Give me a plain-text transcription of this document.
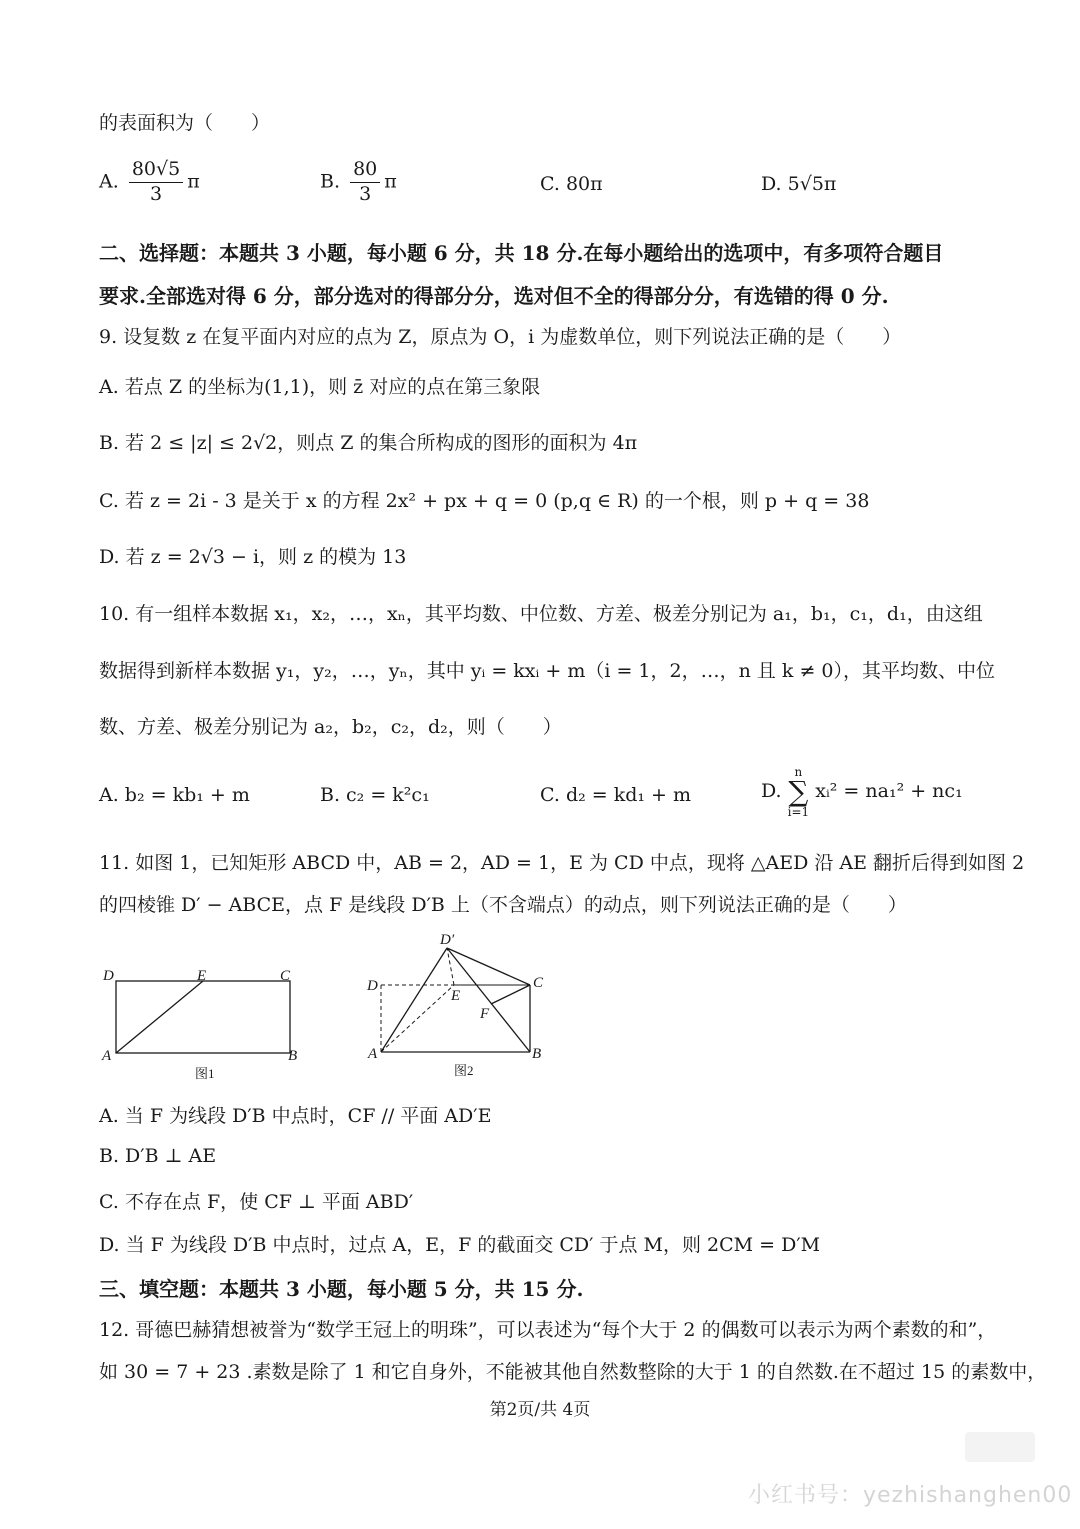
的表面积为（　　）
A. $\frac{80√5}{3}$ π	B. $\frac{80}{3}$ π	C. 80π	D. 5√5π
二、选择题：本题共 3 小题，每小题 6 分，共 18 分.在每小题给出的选项中，有多项符合题目
要求.全部选对得 6 分，部分选对的得部分分，选对但不全的得部分分，有选错的得 0 分.
9. 设复数 z 在复平面内对应的点为 Z，原点为 O，i 为虚数单位，则下列说法正确的是（　　）
A. 若点 Z 的坐标为(1,1)，则 z̄ 对应的点在第三象限
B. 若 2 ≤ |z| ≤ 2√2，则点 Z 的集合所构成的图形的面积为 4π
C. 若 z = 2i - 3 是关于 x 的方程 2x² + px + q = 0 (p,q ∈ R) 的一个根，则 p + q = 38
D. 若 z = 2√3 − i，则 z 的模为 13
10. 有一组样本数据 x₁，x₂，…，xₙ，其平均数、中位数、方差、极差分别记为 a₁，b₁，c₁，d₁，由这组
数据得到新样本数据 y₁，y₂，…，yₙ，其中 yᵢ = kxᵢ + m（i = 1，2，…，n 且 k ≠ 0），其平均数、中位
数、方差、极差分别记为 a₂，b₂，c₂，d₂，则（　　）
A. b₂ = kb₁ + m	B. c₂ = k²c₁	C. d₂ = kd₁ + m	D.
n
∑
i=1
xᵢ² = na₁² + nc₁
11. 如图 1，已知矩形 ABCD 中，AB = 2，AD = 1，E 为 CD 中点，现将 △AED 沿 AE 翻折后得到如图 2
的四棱锥 D′ − ABCE，点 F 是线段 D′B 上（不含端点）的动点，则下列说法正确的是（　　）
D	E	C
A	B
图1
D′
D
E
C
F
A	B
图2
A. 当 F 为线段 D′B 中点时，CF // 平面 AD′E
B. D′B ⊥ AE
C. 不存在点 F，使 CF ⊥ 平面 ABD′
D. 当 F 为线段 D′B 中点时，过点 A，E，F 的截面交 CD′ 于点 M，则 2CM = D′M
三、填空题：本题共 3 小题，每小题 5 分，共 15 分.
12. 哥德巴赫猜想被誉为“数学王冠上的明珠”，可以表述为“每个大于 2 的偶数可以表示为两个素数的和”，
如 30 = 7 + 23 .素数是除了 1 和它自身外，不能被其他自然数整除的大于 1 的自然数.在不超过 15 的素数中，
第2页/共 4页
小红书号：yezhishanghen00
